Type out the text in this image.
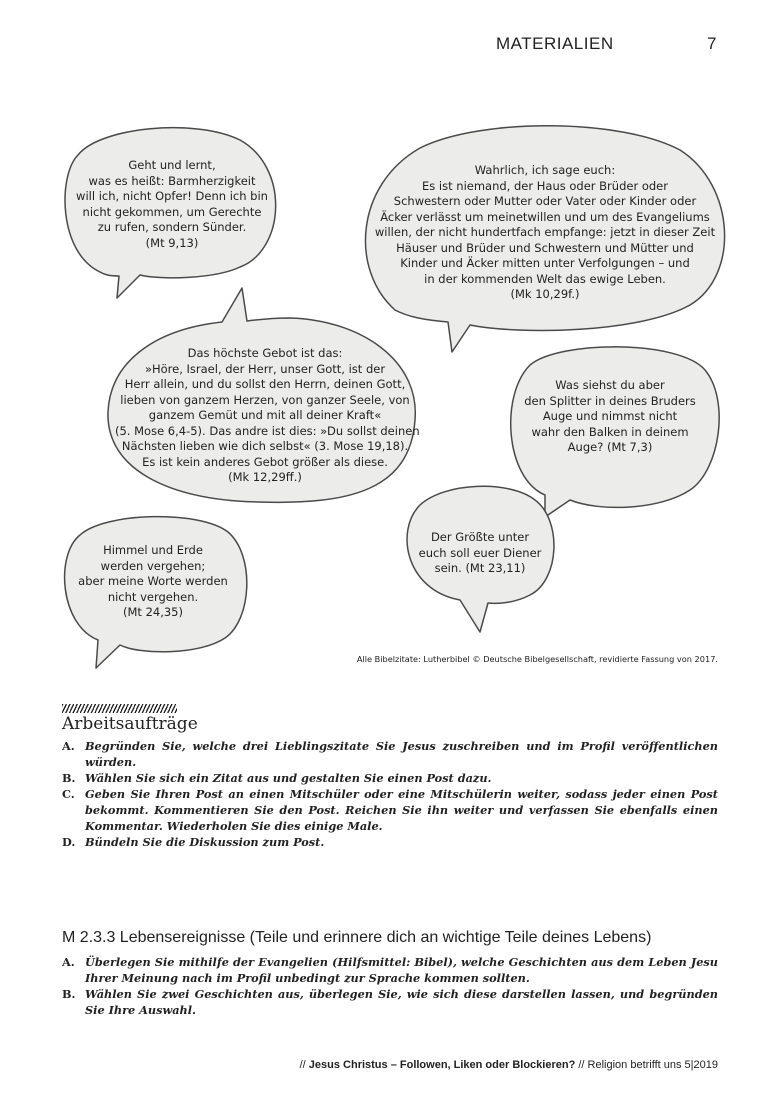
MATERIALIEN	7
Geht und lernt,
was es heißt: Barmherzigkeit
will ich, nicht Opfer! Denn ich bin
nicht gekommen, um Gerechte
zu rufen, sondern Sünder.
(Mt 9,13)
Wahrlich, ich sage euch:
Es ist niemand, der Haus oder Brüder oder
Schwestern oder Mutter oder Vater oder Kinder oder
Äcker verlässt um meinetwillen und um des Evangeliums
willen, der nicht hundertfach empfange: jetzt in dieser Zeit
Häuser und Brüder und Schwestern und Mütter und
Kinder und Äcker mitten unter Verfolgungen – und
in der kommenden Welt das ewige Leben.
(Mk 10,29f.)
Das höchste Gebot ist das:
»Höre, Israel, der Herr, unser Gott, ist der
Herr allein, und du sollst den Herrn, deinen Gott,
lieben von ganzem Herzen, von ganzer Seele, von
ganzem Gemüt und mit all deiner Kraft«
(5. Mose 6,4-5). Das andre ist dies: »Du sollst deinen
Nächsten lieben wie dich selbst« (3. Mose 19,18).
Es ist kein anderes Gebot größer als diese.
(Mk 12,29ff.)
Was siehst du aber
den Splitter in deines Bruders
Auge und nimmst nicht
wahr den Balken in deinem
Auge? (Mt 7,3)
Himmel und Erde
werden vergehen;
aber meine Worte werden
nicht vergehen.
(Mt 24,35)
Der Größte unter
euch soll euer Diener
sein. (Mt 23,11)
Alle Bibelzitate: Lutherbibel © Deutsche Bibelgesellschaft, revidierte Fassung von 2017.
Arbeitsaufträge
A. Begründen Sie, welche drei Lieblingszitate Sie Jesus zuschreiben und im Profil veröffentlichen würden.
B. Wählen Sie sich ein Zitat aus und gestalten Sie einen Post dazu.
C. Geben Sie Ihren Post an einen Mitschüler oder eine Mitschülerin weiter, sodass jeder einen Post bekommt. Kommentieren Sie den Post. Reichen Sie ihn weiter und verfassen Sie ebenfalls einen Kommentar. Wiederholen Sie dies einige Male.
D. Bündeln Sie die Diskussion zum Post.
M 2.3.3 Lebensereignisse (Teile und erinnere dich an wichtige Teile deines Lebens)
A. Überlegen Sie mithilfe der Evangelien (Hilfsmittel: Bibel), welche Geschichten aus dem Leben Jesu Ihrer Meinung nach im Profil unbedingt zur Sprache kommen sollten.
B. Wählen Sie zwei Geschichten aus, überlegen Sie, wie sich diese darstellen lassen, und begründen Sie Ihre Auswahl.
// Jesus Christus – Followen, Liken oder Blockieren? // Religion betrifft uns 5|2019
